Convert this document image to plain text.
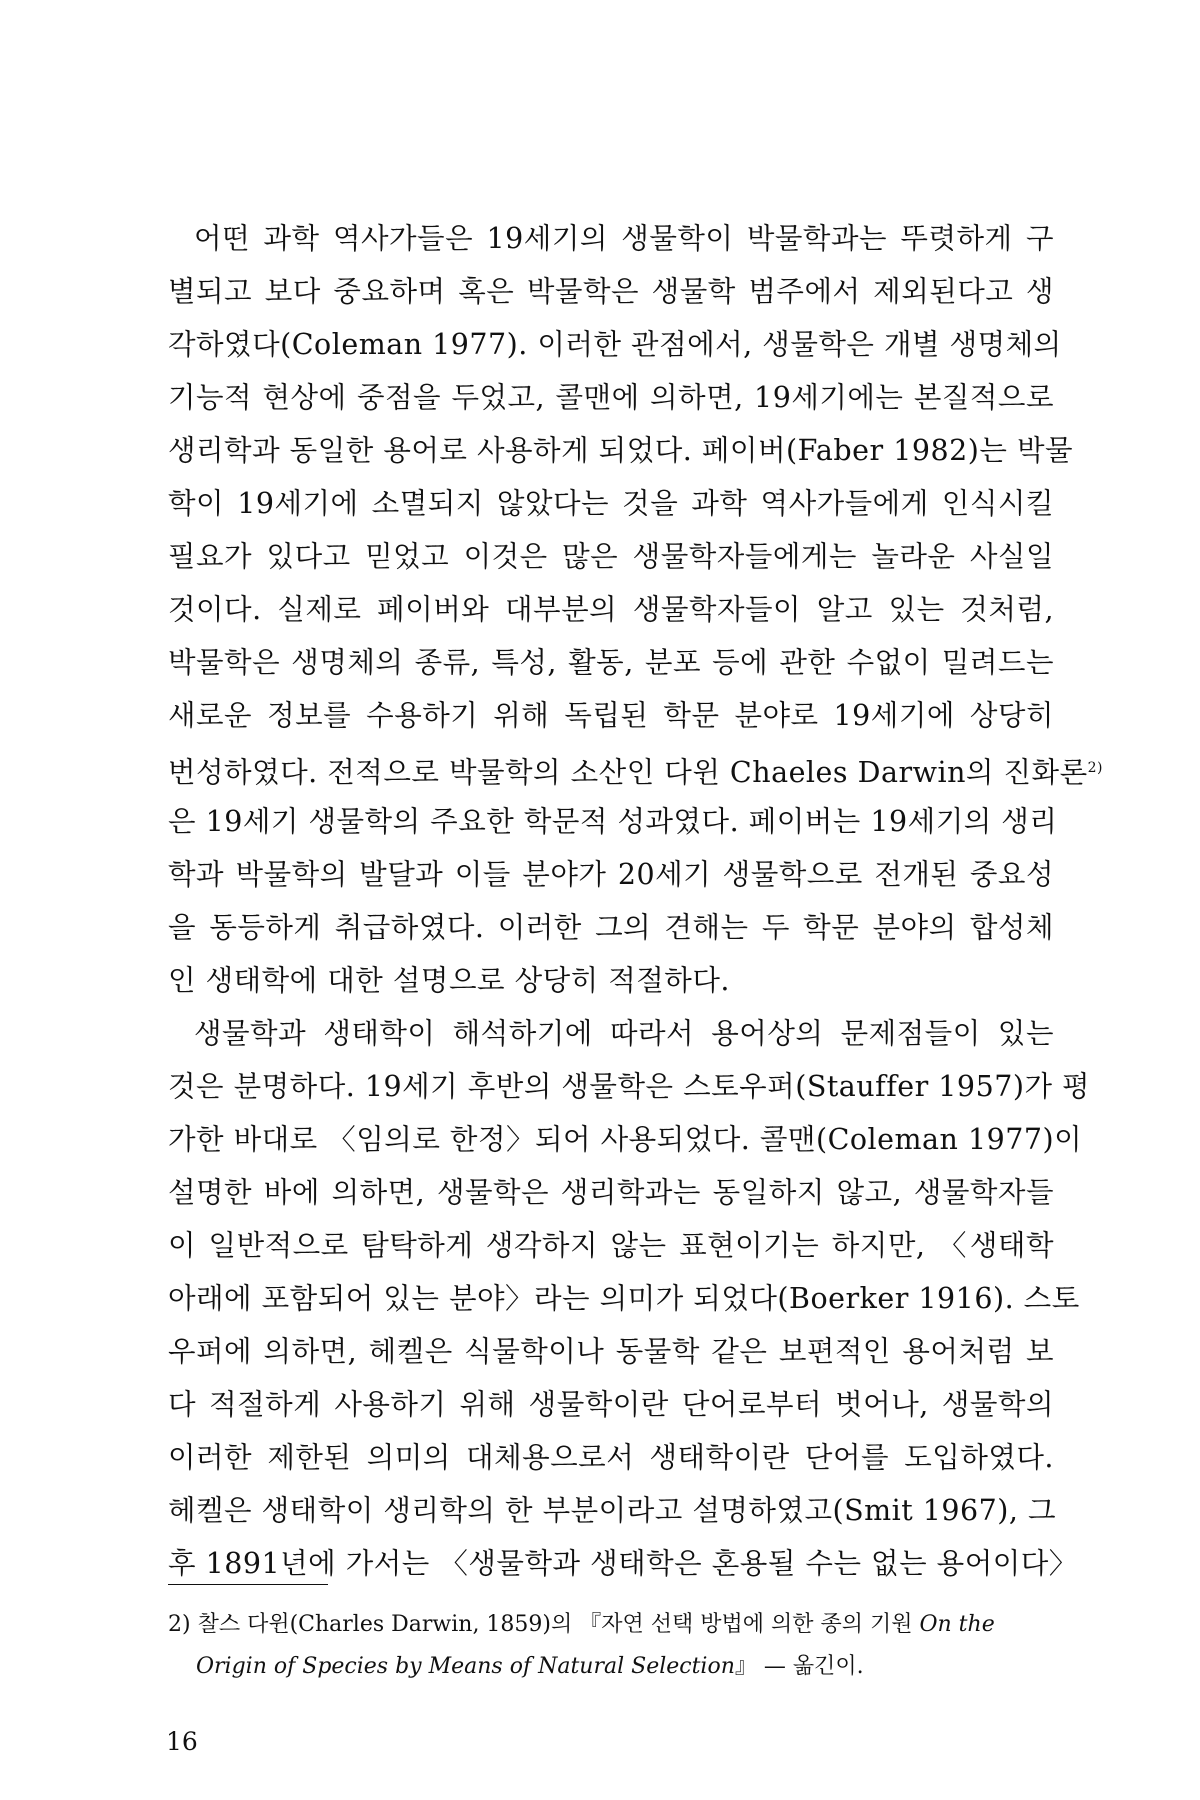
어떤 과학 역사가들은 19세기의 생물학이 박물학과는 뚜렷하게 구
별되고 보다 중요하며 혹은 박물학은 생물학 범주에서 제외된다고 생
각하였다(Coleman 1977). 이러한 관점에서, 생물학은 개별 생명체의
기능적 현상에 중점을 두었고, 콜맨에 의하면, 19세기에는 본질적으로
생리학과 동일한 용어로 사용하게 되었다. 페이버(Faber 1982)는 박물
학이 19세기에 소멸되지 않았다는 것을 과학 역사가들에게 인식시킬
필요가 있다고 믿었고 이것은 많은 생물학자들에게는 놀라운 사실일
것이다. 실제로 페이버와 대부분의 생물학자들이 알고 있는 것처럼,
박물학은 생명체의 종류, 특성, 활동, 분포 등에 관한 수없이 밀려드는
새로운 정보를 수용하기 위해 독립된 학문 분야로 19세기에 상당히
번성하였다. 전적으로 박물학의 소산인 다윈 Chaeles Darwin의 진화론$^{2)}$
은 19세기 생물학의 주요한 학문적 성과였다. 페이버는 19세기의 생리
학과 박물학의 발달과 이들 분야가 20세기 생물학으로 전개된 중요성
을 동등하게 취급하였다. 이러한 그의 견해는 두 학문 분야의 합성체
인 생태학에 대한 설명으로 상당히 적절하다.
생물학과 생태학이 해석하기에 따라서 용어상의 문제점들이 있는
것은 분명하다. 19세기 후반의 생물학은 스토우퍼(Stauffer 1957)가 평
가한 바대로 〈임의로 한정〉되어 사용되었다. 콜맨(Coleman 1977)이
설명한 바에 의하면, 생물학은 생리학과는 동일하지 않고, 생물학자들
이 일반적으로 탐탁하게 생각하지 않는 표현이기는 하지만, 〈생태학
아래에 포함되어 있는 분야〉라는 의미가 되었다(Boerker 1916). 스토
우퍼에 의하면, 헤켈은 식물학이나 동물학 같은 보편적인 용어처럼 보
다 적절하게 사용하기 위해 생물학이란 단어로부터 벗어나, 생물학의
이러한 제한된 의미의 대체용으로서 생태학이란 단어를 도입하였다.
헤켈은 생태학이 생리학의 한 부분이라고 설명하였고(Smit 1967), 그
후 1891년에 가서는 〈생물학과 생태학은 혼용될 수는 없는 용어이다〉
2) 찰스 다윈(Charles Darwin, 1859)의 『자연 선택 방법에 의한 종의 기원 On the
Origin of Species by Means of Natural Selection』 — 옮긴이.
16
